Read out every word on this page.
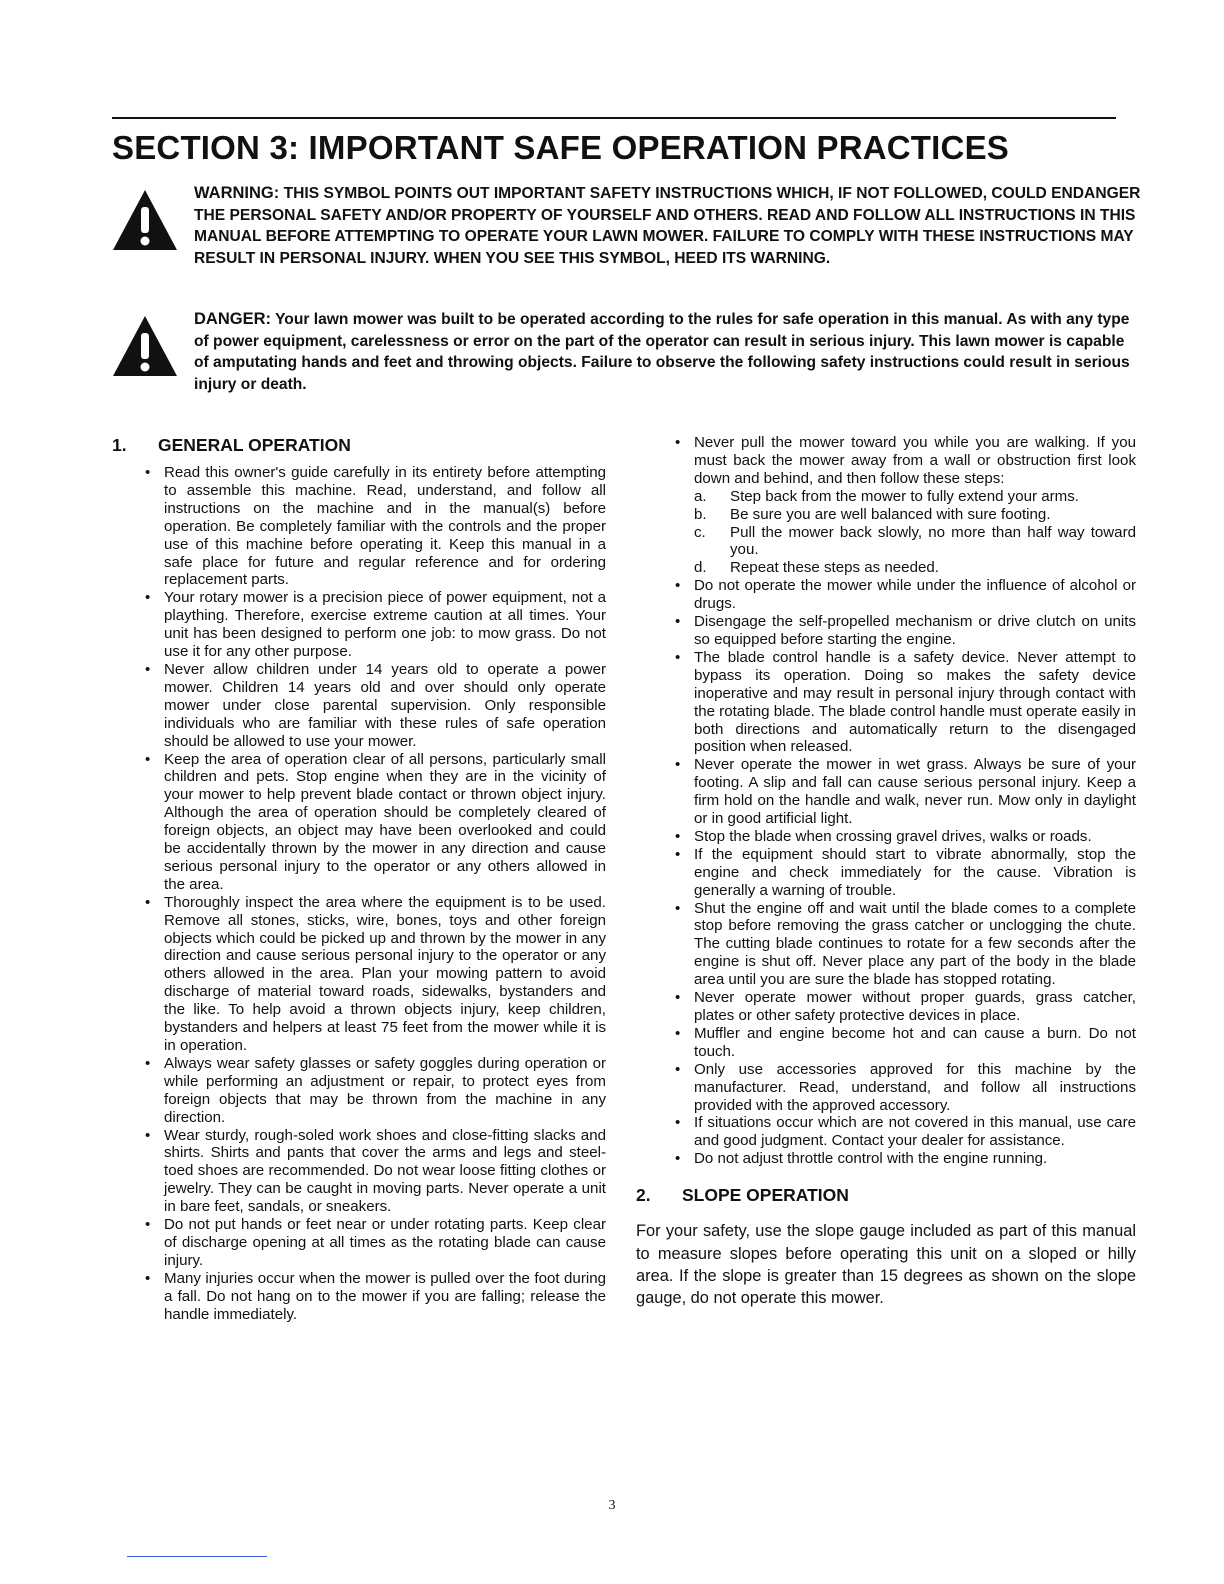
SECTION 3: IMPORTANT SAFE OPERATION PRACTICES
WARNING: THIS SYMBOL POINTS OUT IMPORTANT SAFETY INSTRUCTIONS WHICH, IF NOT FOLLOWED, COULD ENDANGER THE PERSONAL SAFETY AND/OR PROPERTY OF YOURSELF AND OTHERS. READ AND FOLLOW ALL INSTRUCTIONS IN THIS MANUAL BEFORE ATTEMPTING TO OPERATE YOUR LAWN MOWER. FAILURE TO COMPLY WITH THESE INSTRUCTIONS MAY RESULT IN PERSONAL INJURY. WHEN YOU SEE THIS SYMBOL, HEED ITS WARNING.
DANGER: Your lawn mower was built to be operated according to the rules for safe operation in this manual. As with any type of power equipment, carelessness or error on the part of the operator can result in serious injury. This lawn mower is capable of amputating hands and feet and throwing objects. Failure to observe the following safety instructions could result in serious injury or death.
1. GENERAL OPERATION
• Read this owner's guide carefully in its entirety before attempting to assemble this machine. Read, understand, and follow all instructions on the machine and in the manual(s) before operation. Be completely familiar with the controls and the proper use of this machine before operating it. Keep this manual in a safe place for future and regular reference and for ordering replacement parts.
• Your rotary mower is a precision piece of power equipment, not a plaything. Therefore, exercise extreme caution at all times. Your unit has been designed to perform one job: to mow grass. Do not use it for any other purpose.
• Never allow children under 14 years old to operate a power mower. Children 14 years old and over should only operate mower under close parental supervision. Only responsible individuals who are familiar with these rules of safe operation should be allowed to use your mower.
• Keep the area of operation clear of all persons, particularly small children and pets. Stop engine when they are in the vicinity of your mower to help prevent blade contact or thrown object injury. Although the area of operation should be completely cleared of foreign objects, an object may have been overlooked and could be accidentally thrown by the mower in any direction and cause serious personal injury to the operator or any others allowed in the area.
• Thoroughly inspect the area where the equipment is to be used. Remove all stones, sticks, wire, bones, toys and other foreign objects which could be picked up and thrown by the mower in any direction and cause serious personal injury to the operator or any others allowed in the area. Plan your mowing pattern to avoid discharge of material toward roads, sidewalks, bystanders and the like. To help avoid a thrown objects injury, keep children, bystanders and helpers at least 75 feet from the mower while it is in operation.
• Always wear safety glasses or safety goggles during operation or while performing an adjustment or repair, to protect eyes from foreign objects that may be thrown from the machine in any direction.
• Wear sturdy, rough-soled work shoes and close-fitting slacks and shirts. Shirts and pants that cover the arms and legs and steel-toed shoes are recommended. Do not wear loose fitting clothes or jewelry. They can be caught in moving parts. Never operate a unit in bare feet, sandals, or sneakers.
• Do not put hands or feet near or under rotating parts. Keep clear of discharge opening at all times as the rotating blade can cause injury.
• Many injuries occur when the mower is pulled over the foot during a fall. Do not hang on to the mower if you are falling; release the handle immediately.
• Never pull the mower toward you while you are walking. If you must back the mower away from a wall or obstruction first look down and behind, and then follow these steps:
a. Step back from the mower to fully extend your arms.
b. Be sure you are well balanced with sure footing.
c. Pull the mower back slowly, no more than half way toward you.
d. Repeat these steps as needed.
• Do not operate the mower while under the influence of alcohol or drugs.
• Disengage the self-propelled mechanism or drive clutch on units so equipped before starting the engine.
• The blade control handle is a safety device. Never attempt to bypass its operation. Doing so makes the safety device inoperative and may result in personal injury through contact with the rotating blade. The blade control handle must operate easily in both directions and automatically return to the disengaged position when released.
• Never operate the mower in wet grass. Always be sure of your footing. A slip and fall can cause serious personal injury. Keep a firm hold on the handle and walk, never run. Mow only in daylight or in good artificial light.
• Stop the blade when crossing gravel drives, walks or roads.
• If the equipment should start to vibrate abnormally, stop the engine and check immediately for the cause. Vibration is generally a warning of trouble.
• Shut the engine off and wait until the blade comes to a complete stop before removing the grass catcher or unclogging the chute. The cutting blade continues to rotate for a few seconds after the engine is shut off. Never place any part of the body in the blade area until you are sure the blade has stopped rotating.
• Never operate mower without proper guards, grass catcher, plates or other safety protective devices in place.
• Muffler and engine become hot and can cause a burn. Do not touch.
• Only use accessories approved for this machine by the manufacturer. Read, understand, and follow all instructions provided with the approved accessory.
• If situations occur which are not covered in this manual, use care and good judgment. Contact your dealer for assistance.
• Do not adjust throttle control with the engine running.
2. SLOPE OPERATION

For your safety, use the slope gauge included as part of this manual to measure slopes before operating this unit on a sloped or hilly area. If the slope is greater than 15 degrees as shown on the slope gauge, do not operate this mower.

3
